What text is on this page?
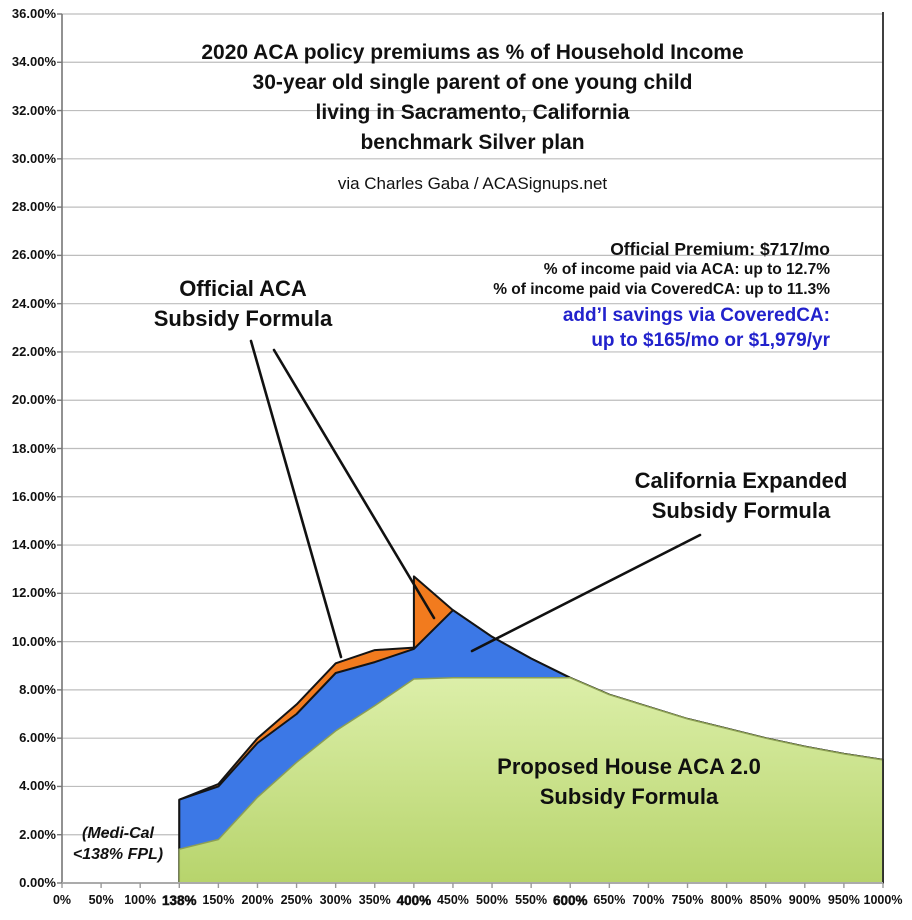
2020 ACA policy premiums as % of Household Income
30-year old single parent of one young child
living in Sacramento, California
benchmark Silver plan
via Charles Gaba / ACASignups.net
Official Premium: $717/mo
% of income paid via ACA: up to 12.7%
% of income paid via CoveredCA: up to 11.3%
add’l savings via CoveredCA:
up to $165/mo or $1,979/yr
Official ACA
Subsidy Formula
California Expanded
Subsidy Formula
Proposed House ACA 2.0
Subsidy Formula
(Medi-Cal
<138% FPL)
36.00%
34.00%
32.00%
30.00%
28.00%
26.00%
24.00%
22.00%
20.00%
18.00%
16.00%
14.00%
12.00%
10.00%
8.00%
6.00%
4.00%
2.00%
0.00%
0% 50% 100% 138% 150% 200% 250% 300% 350% 400% 450% 500% 550% 600% 650% 700% 750% 800% 850% 900% 950% 1000%
